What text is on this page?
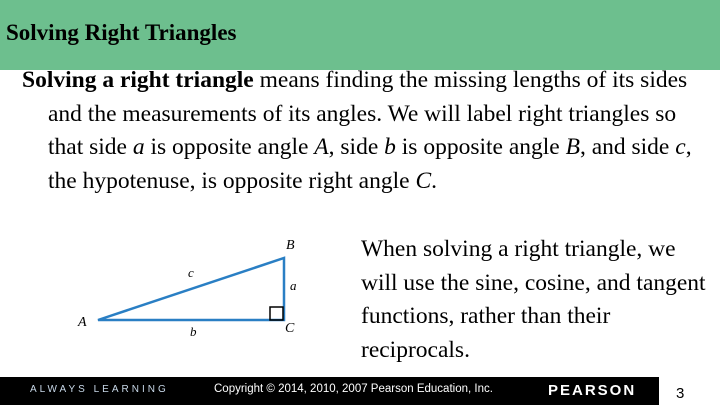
Solving Right Triangles

Solving a right triangle means finding the missing lengths of its sides and the measurements of its angles. We will label right triangles so that side a is opposite angle A, side b is opposite angle B, and side c, the hypotenuse, is opposite right angle C.

A
B
C
a
b
c
When solving a right triangle, we will use the sine, cosine, and tangent functions, rather than their reciprocals.
ALWAYS LEARNING	Copyright © 2014, 2010, 2007 Pearson Education, Inc.	PEARSON	3
